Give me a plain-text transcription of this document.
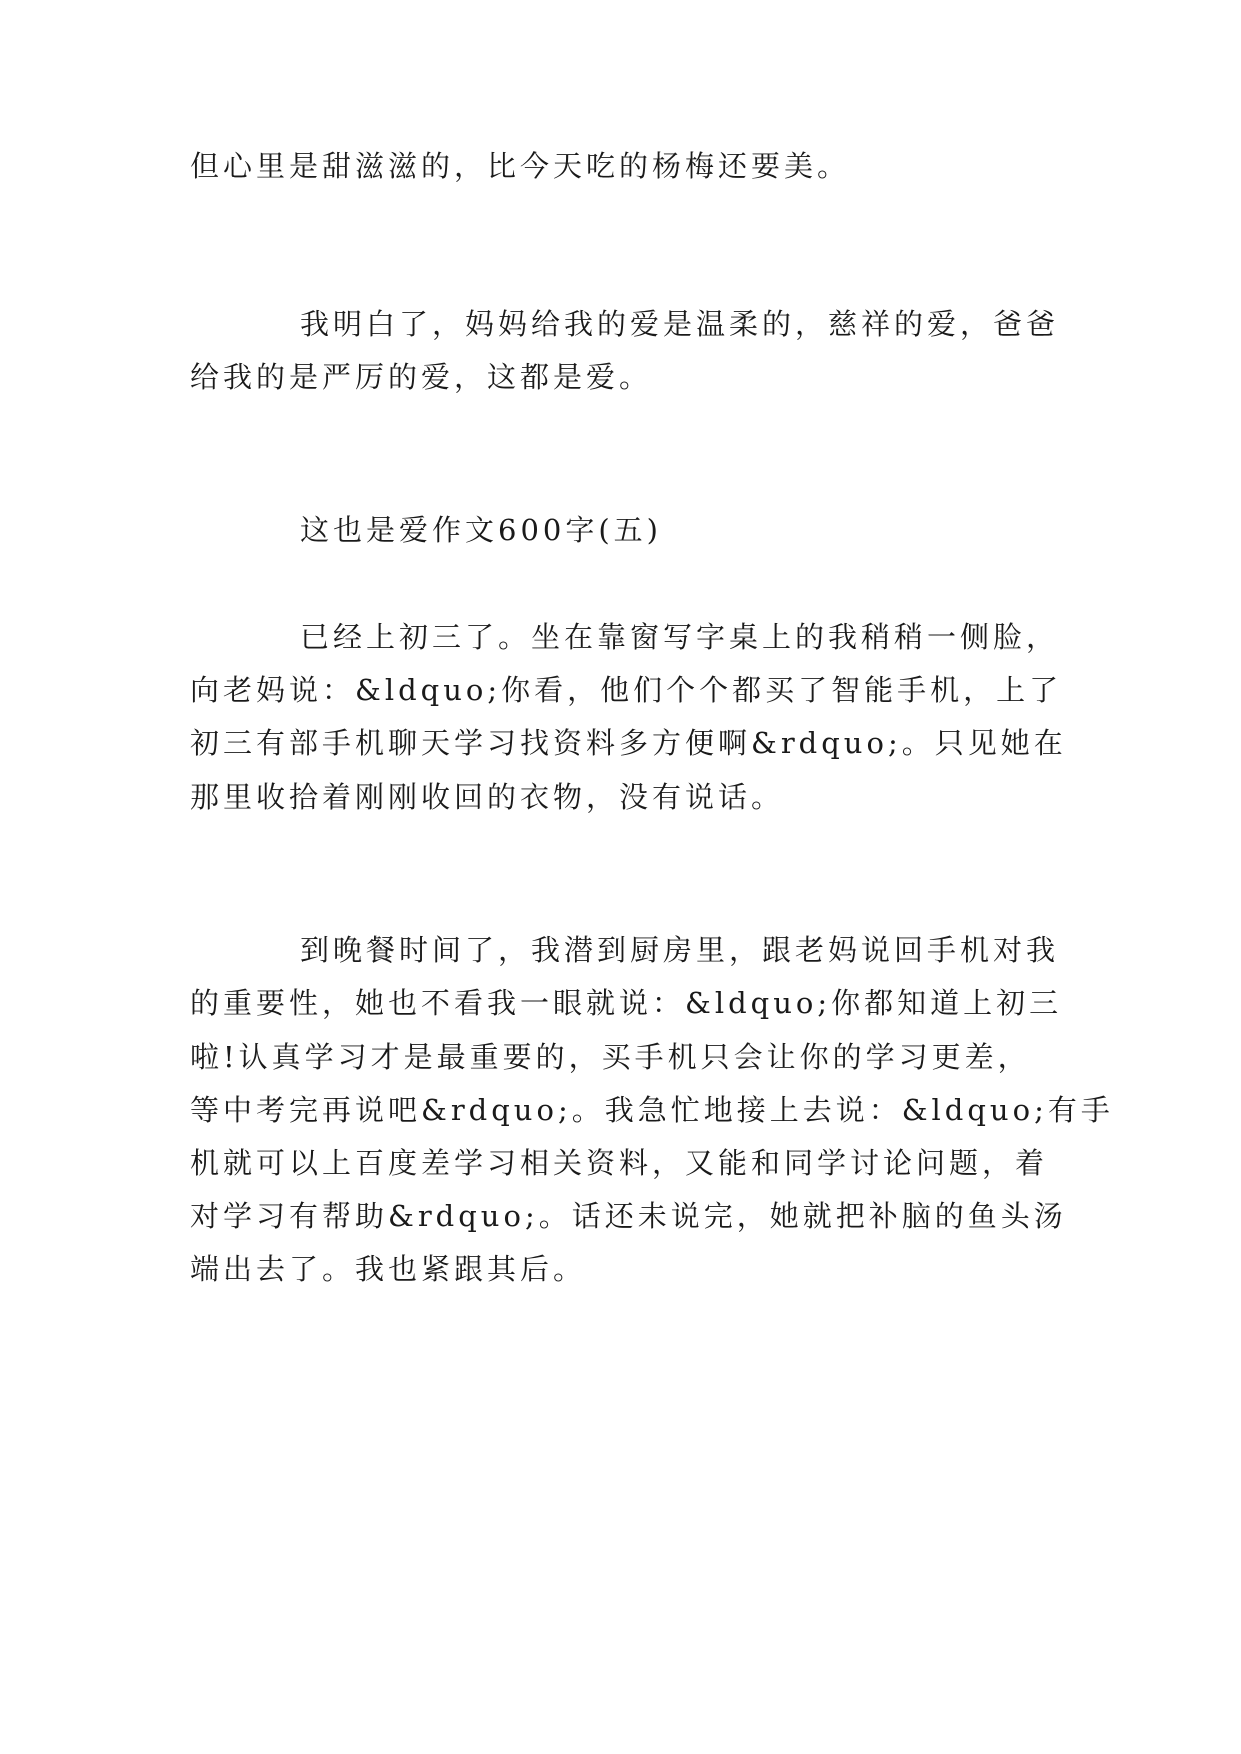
但心里是甜滋滋的，比今天吃的杨梅还要美。
我明白了，妈妈给我的爱是温柔的，慈祥的爱，爸爸
给我的是严厉的爱，这都是爱。
这也是爱作文600字(五)
已经上初三了。坐在靠窗写字桌上的我稍稍一侧脸，
向老妈说：&ldquo;你看，他们个个都买了智能手机，上了
初三有部手机聊天学习找资料多方便啊&rdquo;。只见她在
那里收拾着刚刚收回的衣物，没有说话。
到晚餐时间了，我潜到厨房里，跟老妈说回手机对我
的重要性，她也不看我一眼就说：&ldquo;你都知道上初三
啦!认真学习才是最重要的，买手机只会让你的学习更差，
等中考完再说吧&rdquo;。我急忙地接上去说：&ldquo;有手
机就可以上百度差学习相关资料，又能和同学讨论问题，着
对学习有帮助&rdquo;。话还未说完，她就把补脑的鱼头汤
端出去了。我也紧跟其后。
